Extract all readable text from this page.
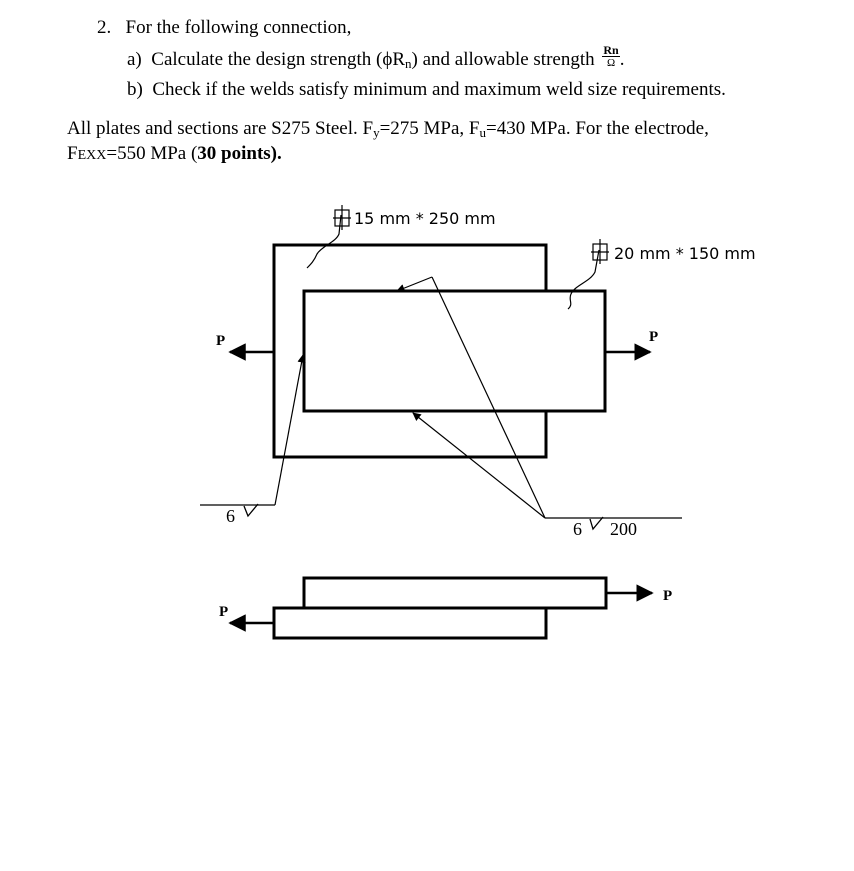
2. For the following connection,
a) Calculate the design strength $(\phi R_n)$ and allowable strength $\frac{Rn}{\Omega}$ .
b) Check if the welds satisfy minimum and maximum weld size requirements.
All plates and sections are S275 Steel. $F_y=275$ MPa, $F_u=430$ MPa. For the electrode,
FEXX=550 MPa (30 points).
15 mm * 250 mm
20 mm * 150 mm
P	P
6
6 200
P
P
